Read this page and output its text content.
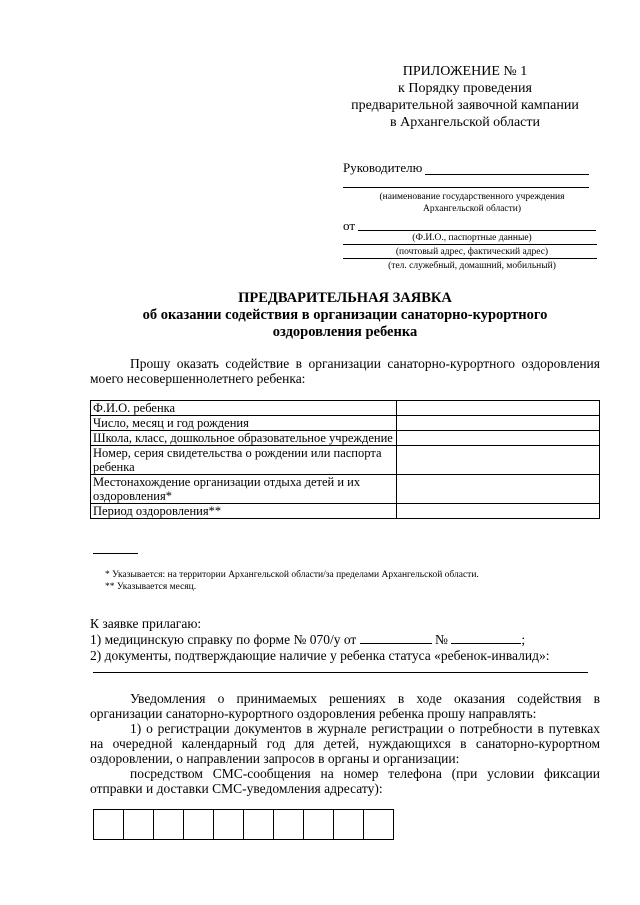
ПРИЛОЖЕНИЕ № 1
к Порядку проведения
предварительной заявочной кампании
в Архангельской области
Руководителю
(наименование государственного учреждения
Архангельской области)
от
(Ф.И.О., паспортные данные)
(почтовый адрес, фактический адрес)
(тел. служебный, домашний, мобильный)
ПРЕДВАРИТЕЛЬНАЯ ЗАЯВКА
об оказании содействия в организации санаторно-курортного
оздоровления ребенка
Прошу оказать содействие в организации санаторно-курортного оздоровления моего несовершеннолетнего ребенка:
Ф.И.О. ребенка	
Число, месяц и год рождения	
Школа, класс, дошкольное образовательное учреждение	
Номер, серия свидетельства о рождении или паспорта ребенка	
Местонахождение организации отдыха детей и их оздоровления*	
Период оздоровления**	
* Указывается: на территории Архангельской области/за пределами Архангельской области.
** Указывается месяц.
К заявке прилагаю:
1) медицинскую справку по форме № 070/у от	№	;
2) документы, подтверждающие наличие у ребенка статуса «ребенок-инвалид»:
Уведомления о принимаемых решениях в ходе оказания содействия в организации санаторно-курортного оздоровления ребенка прошу направлять:
1) о регистрации документов в журнале регистрации о потребности в путевках на очередной календарный год для детей, нуждающихся в санаторно-курортном оздоровлении, о направлении запросов в органы и организации:
посредством СМС-сообщения на номер телефона (при условии фиксации отправки и доставки СМС-уведомления адресату):
